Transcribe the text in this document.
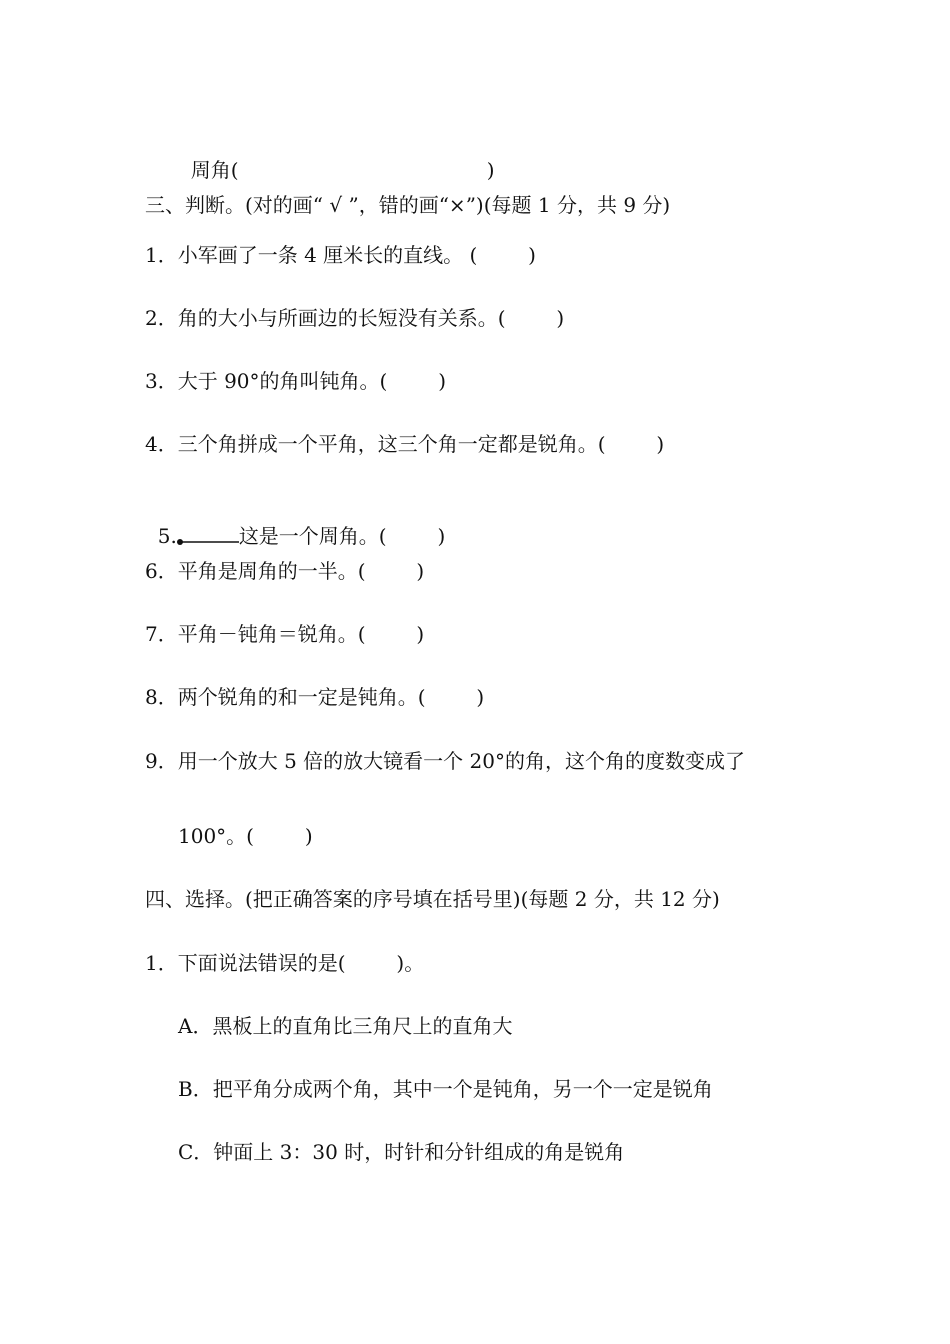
周角(	)

三、判断。(对的画“ √ ”，错的画“×”)(每题 1 分，共 9 分)
1．小军画了一条 4 厘米长的直线。 (        )
2．角的大小与所画边的长短没有关系。(        )
3．大于 90°的角叫钝角。(        )
4．三个角拼成一个平角，这三个角一定都是锐角。(        )

5.	这是一个周角。(        )

6．平角是周角的一半。(        )
7．平角－钝角＝锐角。(        )
8．两个锐角的和一定是钝角。(        )
9．用一个放大 5 倍的放大镜看一个 20°的角，这个角的度数变成了
100°。(        )
四、选择。(把正确答案的序号填在括号里)(每题 2 分，共 12 分)
1．下面说法错误的是(        )。
A．黑板上的直角比三角尺上的直角大
B．把平角分成两个角，其中一个是钝角，另一个一定是锐角
C．钟面上 3：30 时，时针和分针组成的角是锐角
